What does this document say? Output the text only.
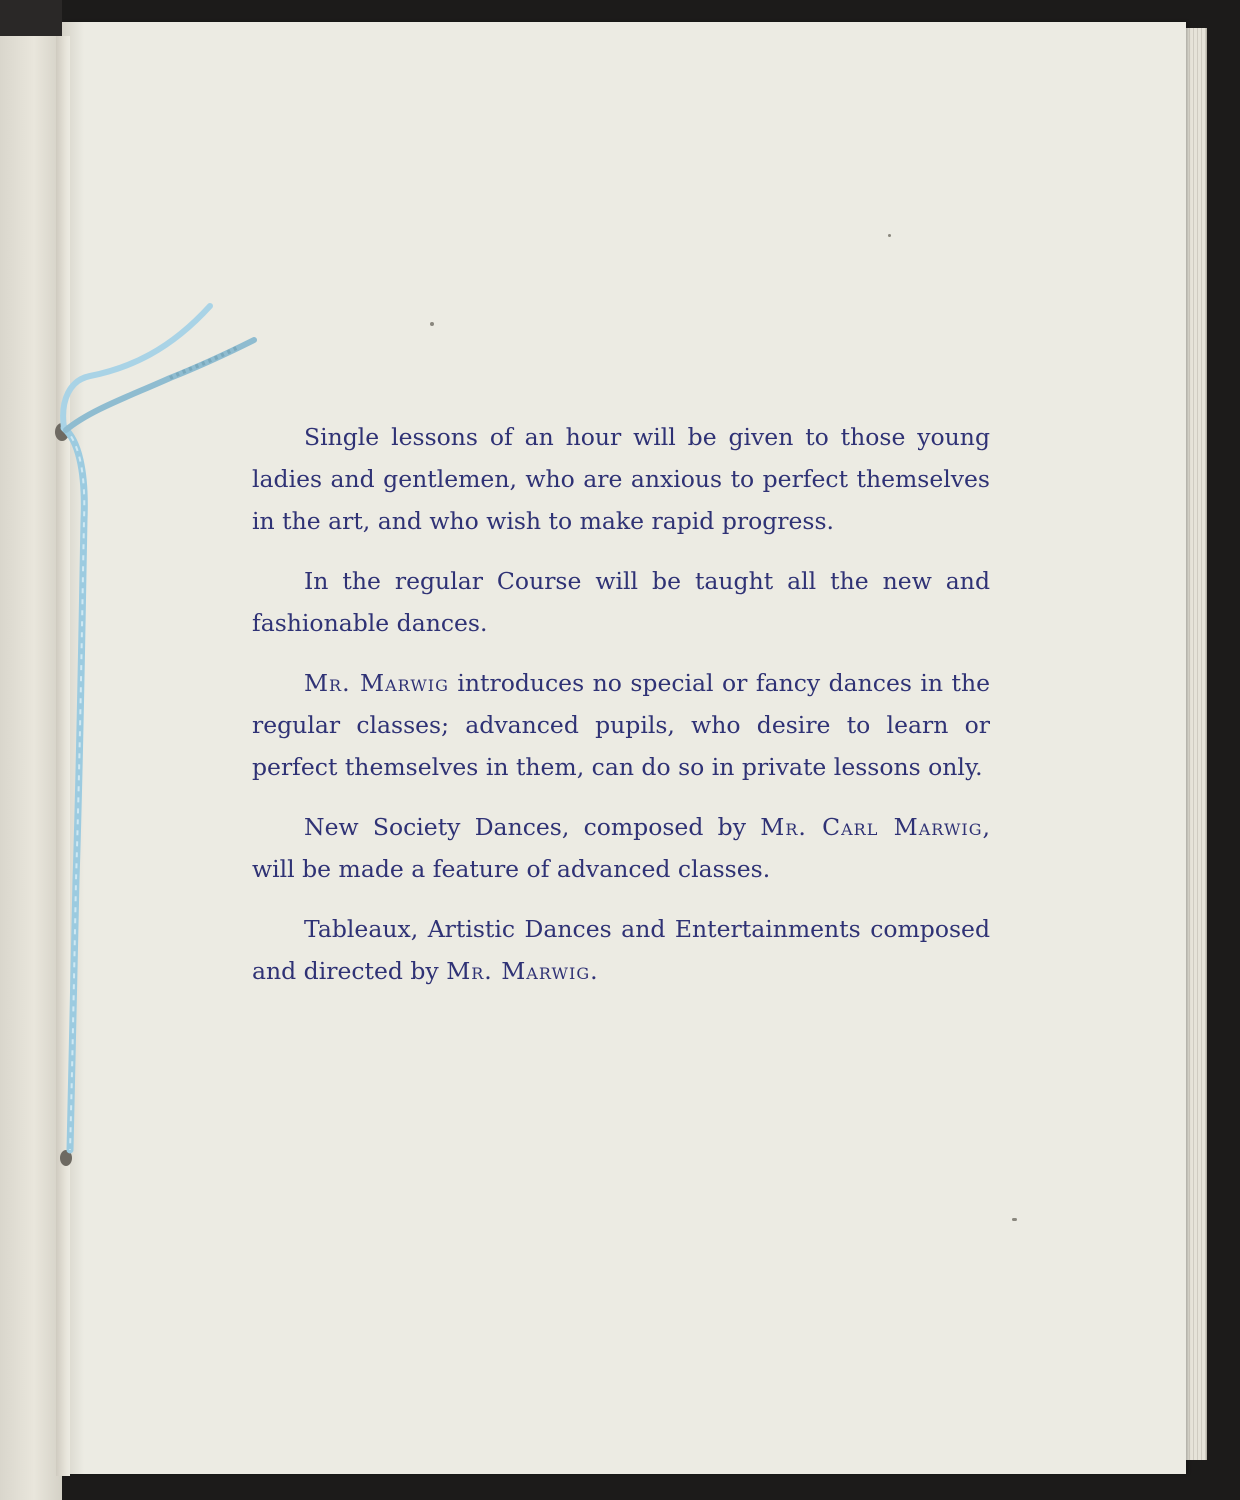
Single lessons of an hour will be given to those young ladies and gentlemen, who are anxious to perfect themselves in the art, and who wish to make rapid progress.

In the regular Course will be taught all the new and fashionable dances.

Mr. Marwig introduces no special or fancy dances in the regular classes; advanced pupils, who desire to learn or perfect themselves in them, can do so in private lessons only.

New Society Dances, composed by Mr. Carl Marwig, will be made a feature of advanced classes.

Tableaux, Artistic Dances and Entertainments composed and directed by Mr. Marwig.
